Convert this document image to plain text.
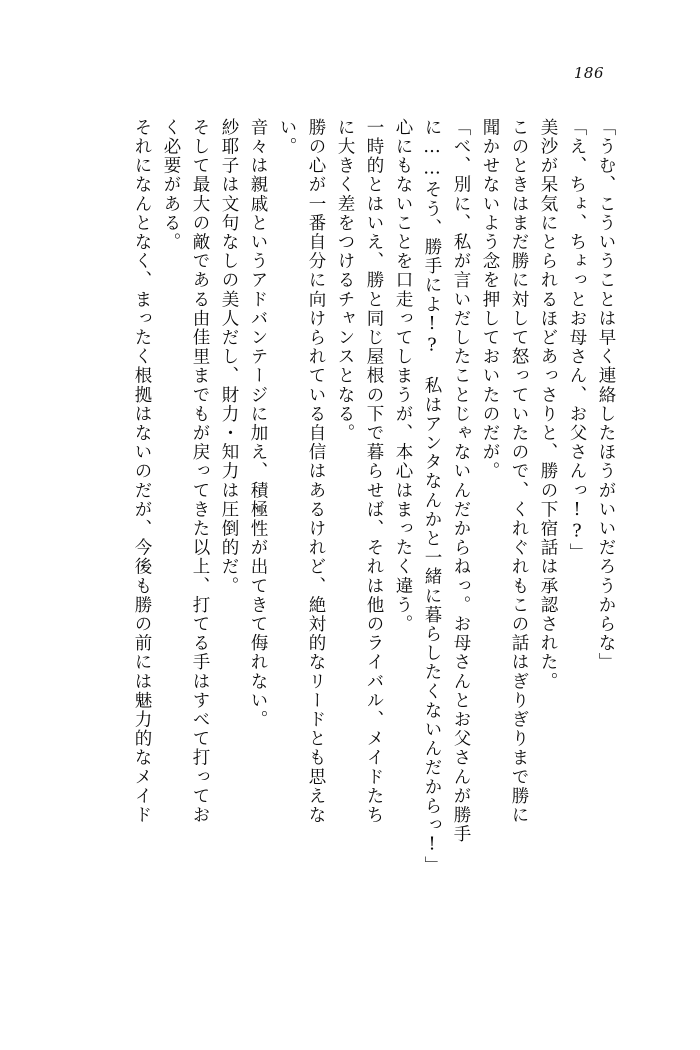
186
「うむ、こういうことは早く連絡したほうがいいだろうからな」
「え、ちょ、ちょっとお母さん、お父さんっ!?」
美沙が呆気にとられるほどあっさりと、勝の下宿話は承認された。
このときはまだ勝に対して怒っていたので、くれぐれもこの話はぎりぎりまで勝に
聞かせないよう念を押しておいたのだが。
「べ、別に、私が言いだしたことじゃないんだからねっ。お母さんとお父さんが勝手
に……そう、勝手によ!?　私はアンタなんかと一緒に暮らしたくないんだからっ!」
心にもないことを口走ってしまうが、本心はまったく違う。
一時的とはいえ、勝と同じ屋根の下で暮らせば、それは他のライバル、メイドたち
に大きく差をつけるチャンスとなる。
勝の心が一番自分に向けられている自信はあるけれど、絶対的なリードとも思えな
い。
音々は親戚というアドバンテージに加え、積極性が出てきて侮れない。
紗耶子は文句なしの美人だし、財力・知力は圧倒的だ。
そして最大の敵である由佳里までもが戻ってきた以上、打てる手はすべて打ってお
く必要がある。
それになんとなく、まったく根拠はないのだが、今後も勝の前には魅力的なメイド
